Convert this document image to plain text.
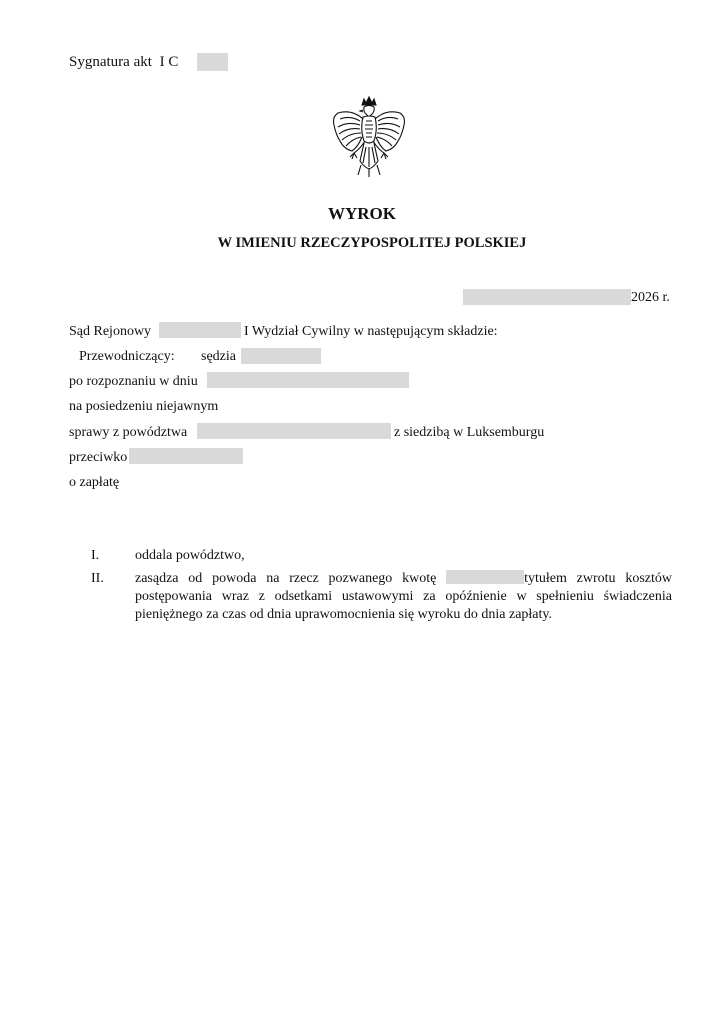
Sygnatura akt I C
WYROK
W IMIENIU RZECZYPOSPOLITEJ POLSKIEJ
2026 r.
Sąd Rejonowy	I Wydział Cywilny w następującym składzie:
Przewodniczący: sędzia
po rozpoznaniu w dniu
na posiedzeniu niejawnym
sprawy z powództwa	z siedzibą w Luksemburgu
przeciwko
o zapłatę
I.	oddala powództwo,
II. zasądza od powoda na rzecz pozwanego kwotę	tytułem zwrotu kosztów postępowania wraz z odsetkami ustawowymi za opóźnienie w spełnieniu świadczenia pieniężnego za czas od dnia uprawomocnienia się wyroku do dnia zapłaty.
